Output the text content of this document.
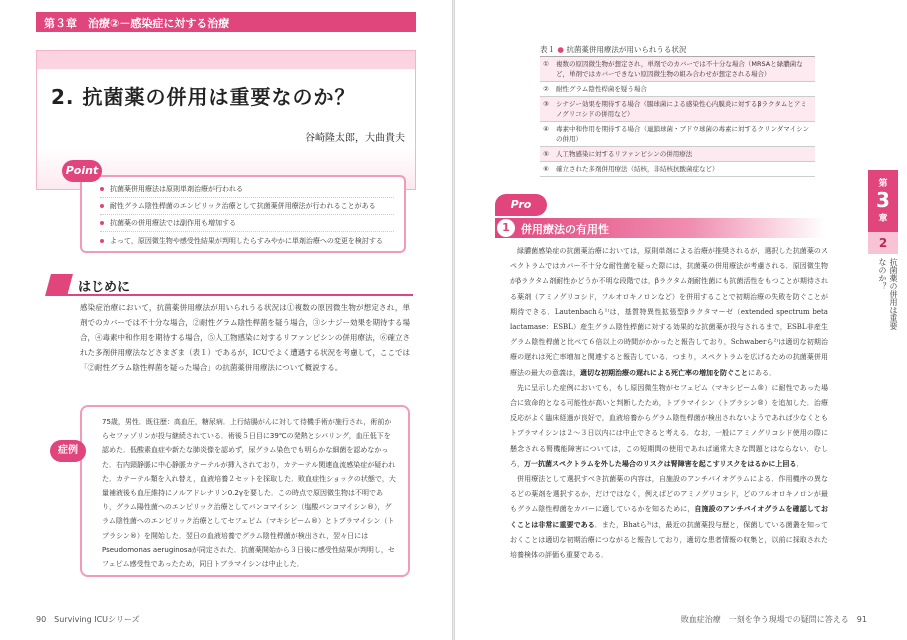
第３章　治療②－感染症に対する治療
2. 抗菌薬の併用は重要なのか？
谷崎隆太郎，大曲貴夫
抗菌薬併用療法は原則単剤治療が行われる
耐性グラム陰性桿菌のエンピリック治療として抗菌薬併用療法が行われることがある
抗菌薬の併用療法では副作用も増加する
よって，原因微生物や感受性結果が判明したらすみやかに単剤治療への変更を検討する
Point
はじめに
感染症治療において，抗菌薬併用療法が用いられうる状況は①複数の原因微生物が想定され，単剤でのカバーでは不十分な場合，②耐性グラム陰性桿菌を疑う場合，③シナジー効果を期待する場合，④毒素中和作用を期待する場合，⑤人工物感染に対するリファンピシンの併用療法，⑥確立された多剤併用療法などさまざま（表１）であるが，ICUでよく遭遇する状況を考慮して，ここでは「②耐性グラム陰性桿菌を疑った場合」の抗菌薬併用療法について概説する。
75歳，男性．既往歴：高血圧，糖尿病．上行結腸がんに対して待機手術が施行され，術前からセファゾリンが投与継続されている．術後５日目に39℃の発熱とシバリング，血圧低下を認めた．低酸素血症や新たな肺炎像を認めず，尿グラム染色でも明らかな細菌を認めなかった．右内頸静脈に中心静脈カテーテルが挿入されており，カテーテル関連血流感染症が疑われた．カテーテル類を入れ替え，血液培養２セットを採取した．敗血症性ショックの状態で，大量補液後も血圧維持にノルアドレナリン0.2γを要した．この時点で原因微生物は不明であり，グラム陽性菌へのエンピリック治療としてバンコマイシン（塩酸バンコマイシン®），グラム陰性菌へのエンピリック治療としてセフェピム（マキシピーム®）とトブラマイシン（トブラシン®）を開始した．翌日の血液培養でグラム陰性桿菌が検出され，翌々日にはPseudomonas aeruginosaが同定された．抗菌薬開始から３日後に感受性結果が判明し，セフェピム感受性であったため，同日トブラマイシンは中止した．
症例
90　Surviving ICUシリーズ
表１ ● 抗菌薬併用療法が用いられうる状況
①	複数の原因微生物が想定され，単剤でのカバーでは不十分な場合（MRSAと緑膿菌など，単剤ではカバーできない原因微生物の組み合わせが想定される場合）
②	耐性グラム陰性桿菌を疑う場合
③	シナジー効果を期待する場合（腸球菌による感染性心内膜炎に対するβラクタムとアミノグリコシドの併用など）
④	毒素中和作用を期待する場合（連鎖球菌・ブドウ球菌の毒素に対するクリンダマイシンの併用）
⑤	人工物感染に対するリファンピシンの併用療法
⑥	確立された多剤併用療法（結核，非結核抗酸菌症など）
Pro
1	併用療法の有用性

緑膿菌感染症の抗菌薬治療においては，原則単剤による治療が推奨されるが，選択した抗菌薬のスペクトラムではカバー不十分な耐性菌を疑った際には，抗菌薬の併用療法が考慮される．原因微生物がβラクタム剤耐性かどうか不明な段階では，βラクタム剤耐性菌にも抗菌活性をもつことが期待される薬剤（アミノグリコシド，フルオロキノロンなど）を併用することで初期治療の失敗を防ぐことが期待できる．Lautenbachら¹⁾は，基質特異性拡張型βラクタマーゼ（extended spectrum beta lactamase：ESBL）産生グラム陰性桿菌に対する効果的な抗菌薬が投与されるまで，ESBL非産生グラム陰性桿菌と比べて６倍以上の時間がかかったと報告しており，Schwaberら²⁾は適切な初期治療の遅れは死亡率増加と関連すると報告している．つまり，スペクトラムを広げるための抗菌薬併用療法の最大の意義は，適切な初期治療の遅れによる死亡率の増加を防ぐことにある．

先に呈示した症例においても，もし原因微生物がセフェピム（マキシピーム®）に耐性であった場合に致命的となる可能性が高いと判断したため，トブラマイシン（トブラシン®）を追加した．治療反応がよく臨床経過が良好で，血液培養からグラム陰性桿菌が検出されないようであれば少なくともトブラマイシンは２～３日以内には中止できると考える．なお，一般にアミノグリコシド使用の際に懸念される腎機能障害については，この短期間の使用であれば通常大きな問題とはならない．むしろ，万一抗菌スペクトラムを外した場合のリスクは腎障害を起こすリスクをはるかに上回る．

併用療法として選択すべき抗菌薬の内容は，自施設のアンチバイオグラムによる．作用機序の異なるどの薬剤を選択するか，だけではなく，例えばどのアミノグリコシド，どのフルオロキノロンが最もグラム陰性桿菌をカバーに適しているかを知るために，自施設のアンチバイオグラムを確認しておくことは非常に重要である．また，Bhatら³⁾は，最近の抗菌薬投与歴と，保菌している菌叢を知っておくことは適切な初期治療につながると報告しており，適切な患者情報の収集と，以前に採取された培養検体の評価も重要である．

敗血症治療　一刻を争う現場での疑問に答える　91
第
3
章
2
抗菌薬の併用は重要なのか？
